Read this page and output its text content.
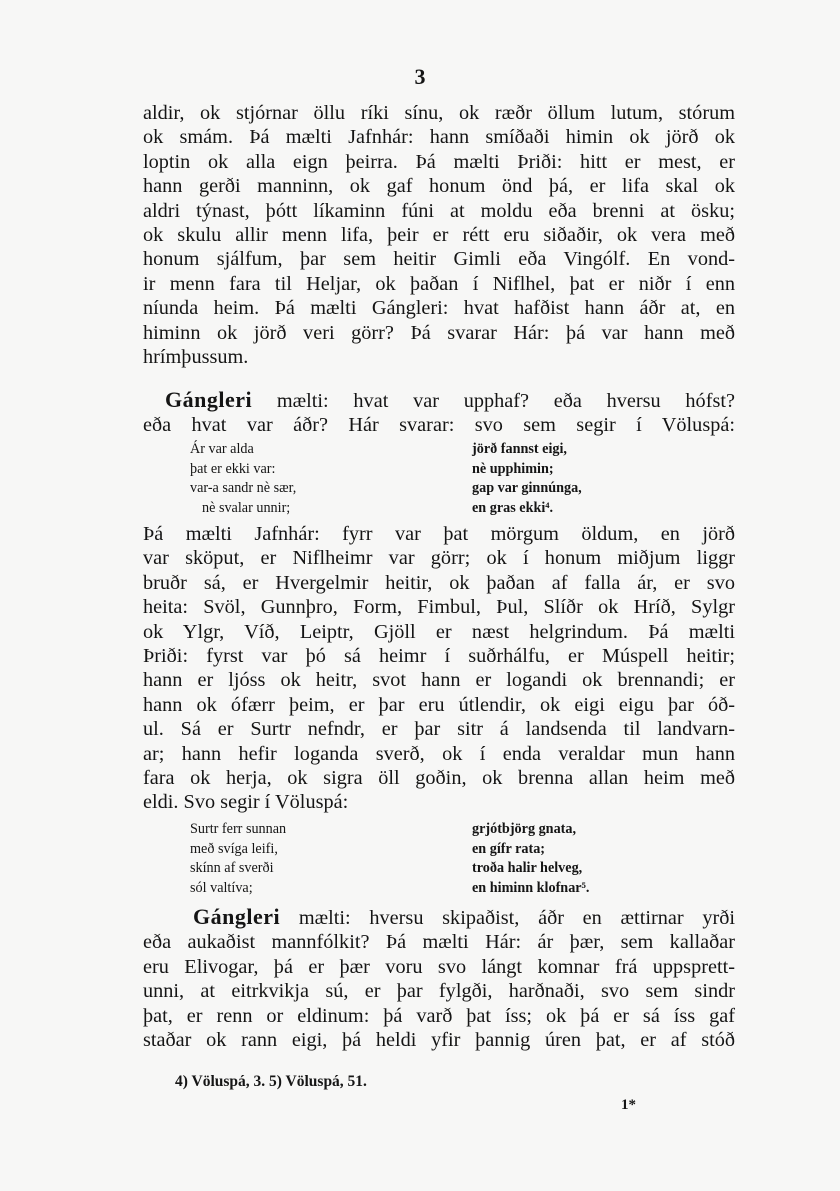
3
aldir, ok stjórnar öllu ríki sínu, ok ræðr öllum lutum, stórum
ok smám. Þá mælti Jafnhár: hann smíðaði himin ok jörð ok
loptin ok alla eign þeirra. Þá mælti Þriði: hitt er mest, er
hann gerði manninn, ok gaf honum önd þá, er lifa skal ok
aldri týnast, þótt líkaminn fúni at moldu eða brenni at ösku;
ok skulu allir menn lifa, þeir er rétt eru siðaðir, ok vera með
honum sjálfum, þar sem heitir Gimli eða Vingólf. En vond-
ir menn fara til Heljar, ok þaðan í Niflhel, þat er niðr í enn
níunda heim. Þá mælti Gángleri: hvat hafðist hann áðr at, en
himinn ok jörð veri görr? Þá svarar Hár: þá var hann með
hrímþussum.
Gángleri mælti: hvat var upphaf? eða hversu hófst?
eða hvat var áðr? Hár svarar: svo sem segir í Völuspá:
Ár var alda
þat er ekki var:
var-a sandr nè sær,
nè svalar unnir;
jörð fannst eigi,
nè upphimin;
gap var ginnúnga,
en gras ekki⁴.
Þá mælti Jafnhár: fyrr var þat mörgum öldum, en jörð
var sköput, er Niflheimr var görr; ok í honum miðjum liggr
bruðr sá, er Hvergelmir heitir, ok þaðan af falla ár, er svo
heita: Svöl, Gunnþro, Form, Fimbul, Þul, Slíðr ok Hríð, Sylgr
ok Ylgr, Víð, Leiptr, Gjöll er næst helgrindum. Þá mælti
Þriði: fyrst var þó sá heimr í suðrhálfu, er Múspell heitir;
hann er ljóss ok heitr, svot hann er logandi ok brennandi; er
hann ok ófærr þeim, er þar eru útlendir, ok eigi eigu þar óð-
ul. Sá er Surtr nefndr, er þar sitr á landsenda til landvarn-
ar; hann hefir loganda sverð, ok í enda veraldar mun hann
fara ok herja, ok sigra öll goðin, ok brenna allan heim með
eldi. Svo segir í Völuspá:
Surtr ferr sunnan
með svíga leifi,
skínn af sverði
sól valtíva;
grjótbjörg gnata,
en gífr rata;
troða halir helveg,
en himinn klofnar⁵.
Gángleri mælti: hversu skipaðist, áðr en ættirnar yrði
eða aukaðist mannfólkit? Þá mælti Hár: ár þær, sem kallaðar
eru Elivogar, þá er þær voru svo lángt komnar frá uppsprett-
unni, at eitrkvikja sú, er þar fylgði, harðnaði, svo sem sindr
þat, er renn or eldinum: þá varð þat íss; ok þá er sá íss gaf
staðar ok rann eigi, þá heldi yfir þannig úren þat, er af stóð
4) Völuspá, 3. 5) Völuspá, 51.
1*
